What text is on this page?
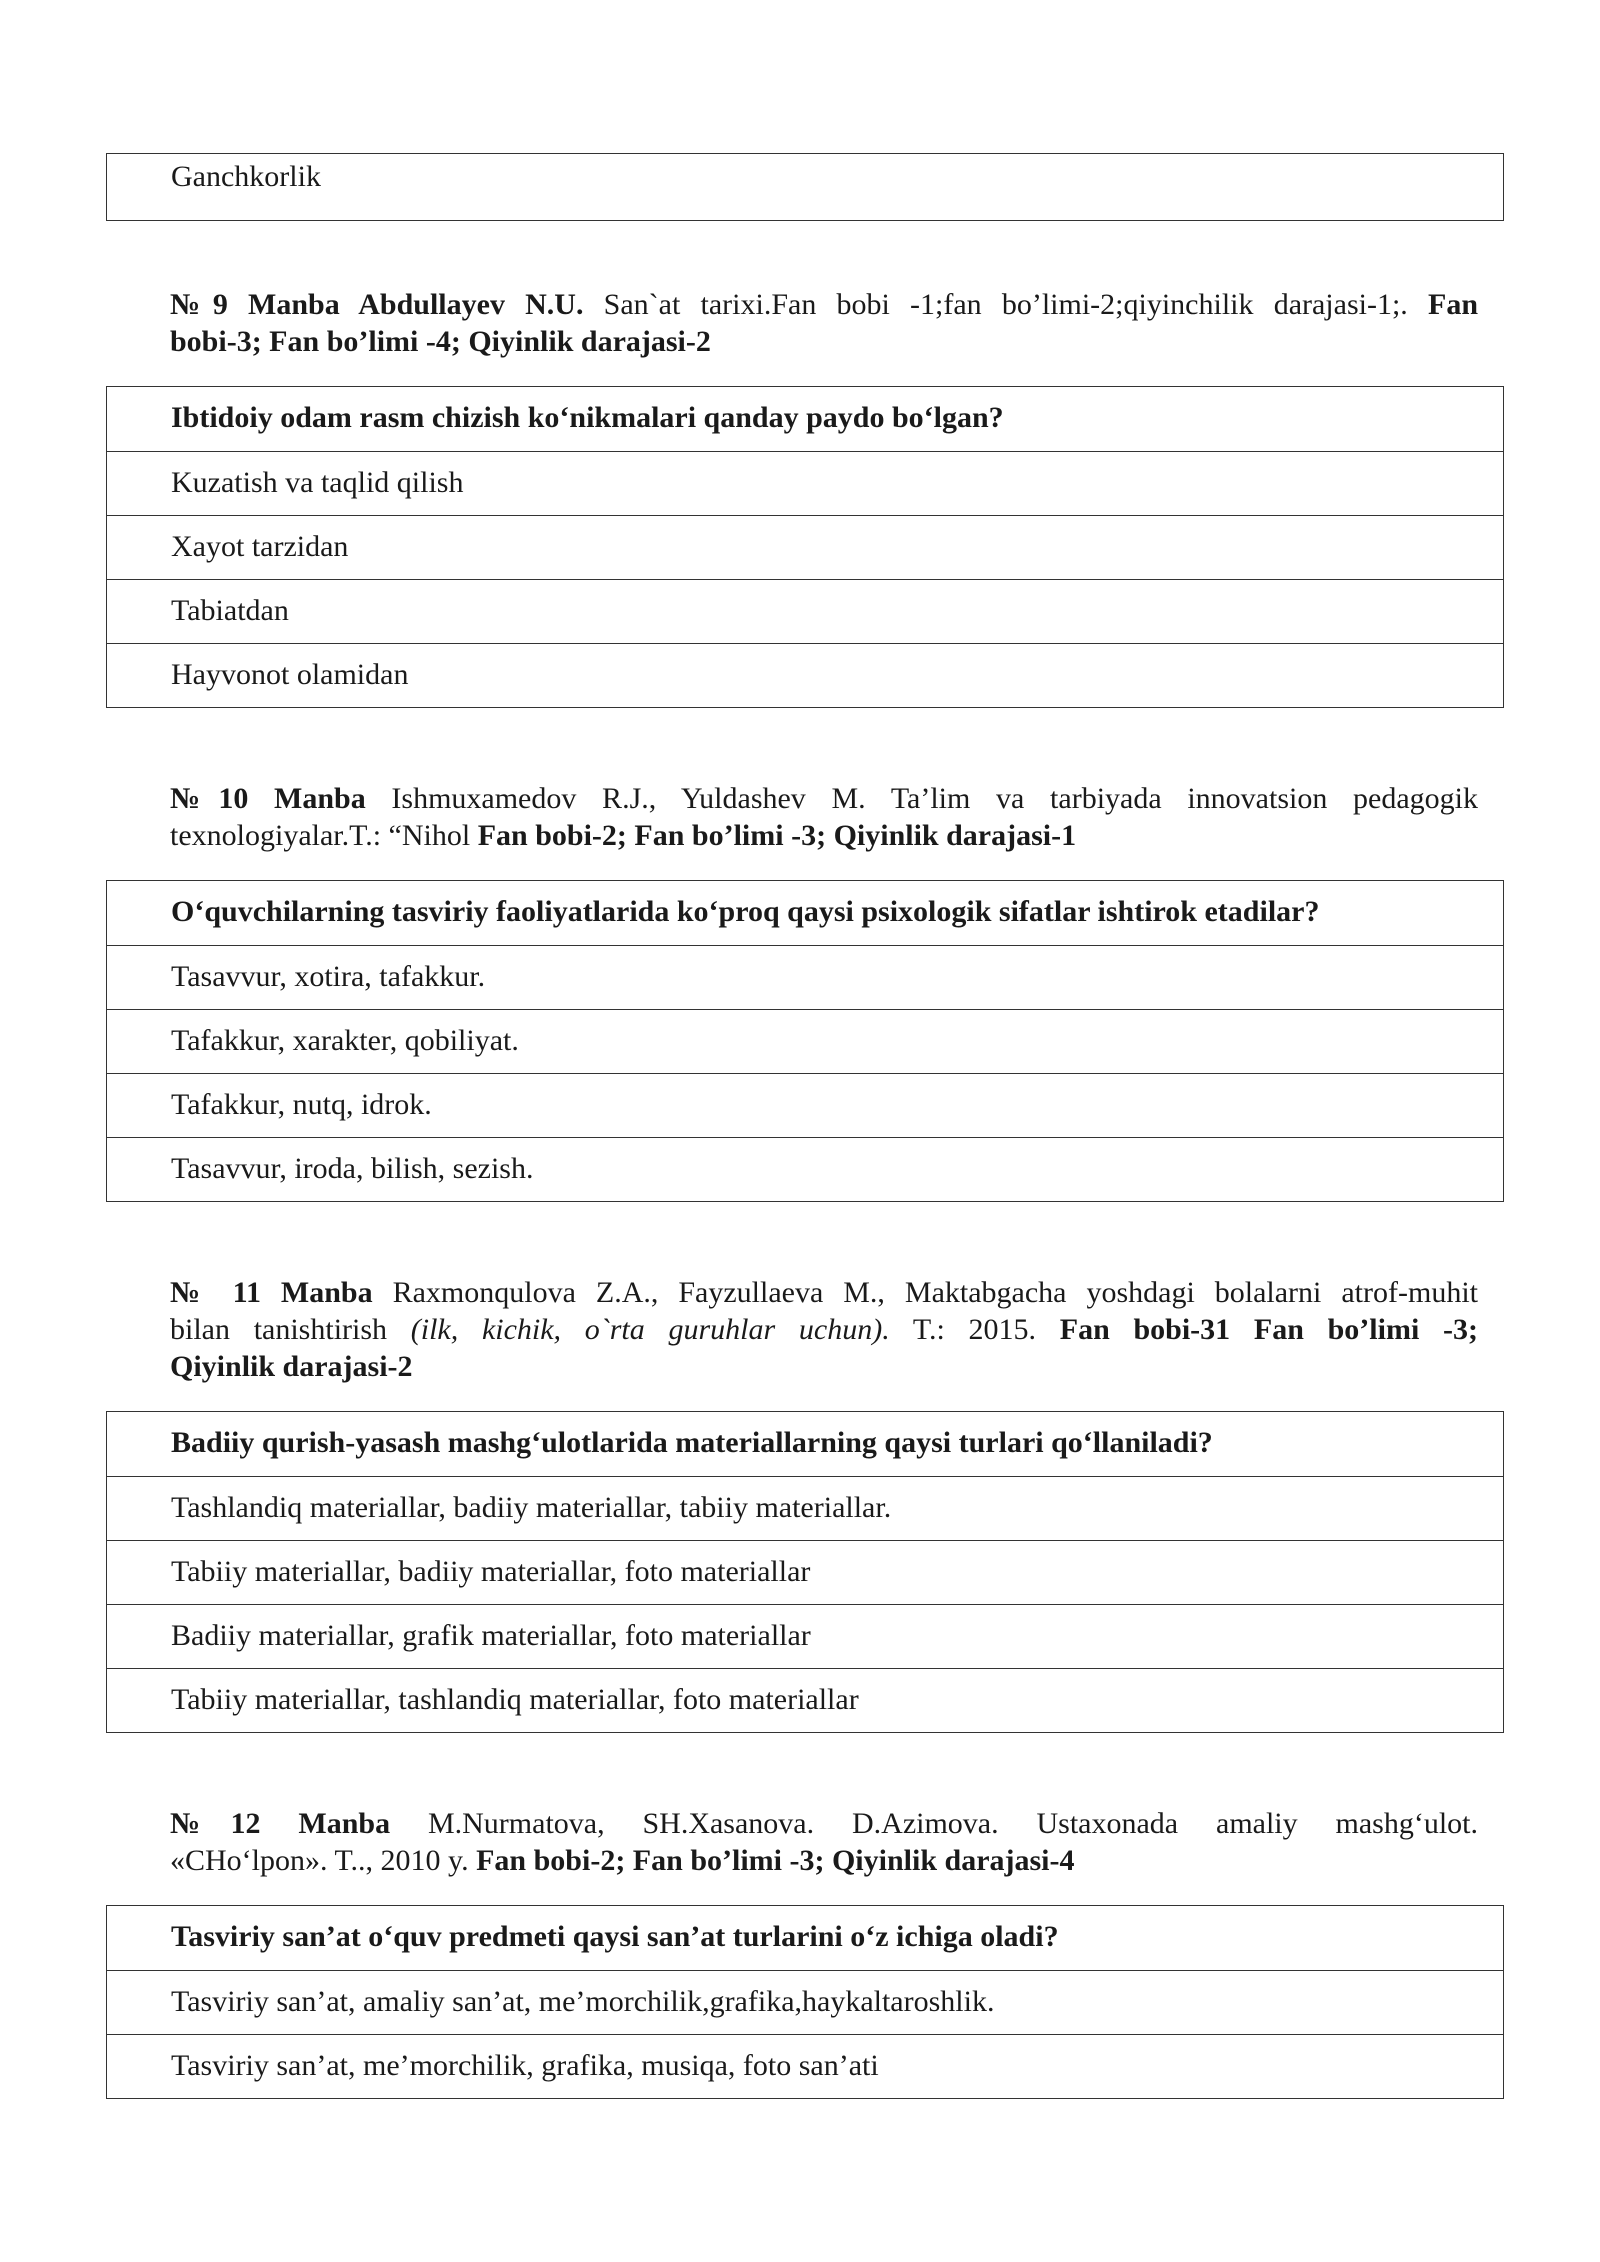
Ganchkorlik
№9 Manba Abdullayev N.U. San`at tarixi.Fan bobi -1;fan bo’limi-2;qiyinchilik darajasi-1;. Fan
bobi-3; Fan bo’limi -4; Qiyinlik darajasi-2
Ibtidoiy odam rasm chizish ko‘nikmalari qanday paydo bo‘lgan?
Kuzatish va taqlid qilish
Xayot tarzidan
Tabiatdan
Hayvonot olamidan
№10 Manba Ishmuxamedov R.J., Yuldashev M. Ta’lim va tarbiyada innovatsion pedagogik
texnologiyalar.T.: “Nihol Fan bobi-2; Fan bo’limi -3; Qiyinlik darajasi-1
O‘quvchilarning tasviriy faoliyatlarida ko‘proq qaysi psixologik sifatlar ishtirok etadilar?
Tasavvur, xotira, tafakkur.
Tafakkur, xarakter, qobiliyat.
Tafakkur, nutq, idrok.
Tasavvur, iroda, bilish, sezish.
№ 11 Manba Raxmonqulova Z.A., Fayzullaeva M., Maktabgacha yoshdagi bolalarni atrof-muhit
bilan tanishtirish (ilk, kichik, o`rta guruhlar uchun). T.: 2015. Fan bobi-31 Fan bo’limi -3;
Qiyinlik darajasi-2
Badiiy qurish-yasash mashg‘ulotlarida materiallarning qaysi turlari qo‘llaniladi?
Tashlandiq materiallar, badiiy materiallar, tabiiy materiallar.
Tabiiy materiallar, badiiy materiallar, foto materiallar
Badiiy materiallar, grafik materiallar, foto materiallar
Tabiiy materiallar, tashlandiq materiallar, foto materiallar
№12 Manba M.Nurmatova, SH.Xasanova. D.Azimova. Ustaxonada amaliy mashg‘ulot.
«CHo‘lpon». T.., 2010 y. Fan bobi-2; Fan bo’limi -3; Qiyinlik darajasi-4
Tasviriy san’at o‘quv predmeti qaysi san’at turlarini o‘z ichiga oladi?
Tasviriy san’at, amaliy san’at, me’morchilik,grafika,haykaltaroshlik.
Tasviriy san’at, me’morchilik, grafika, musiqa, foto san’ati
